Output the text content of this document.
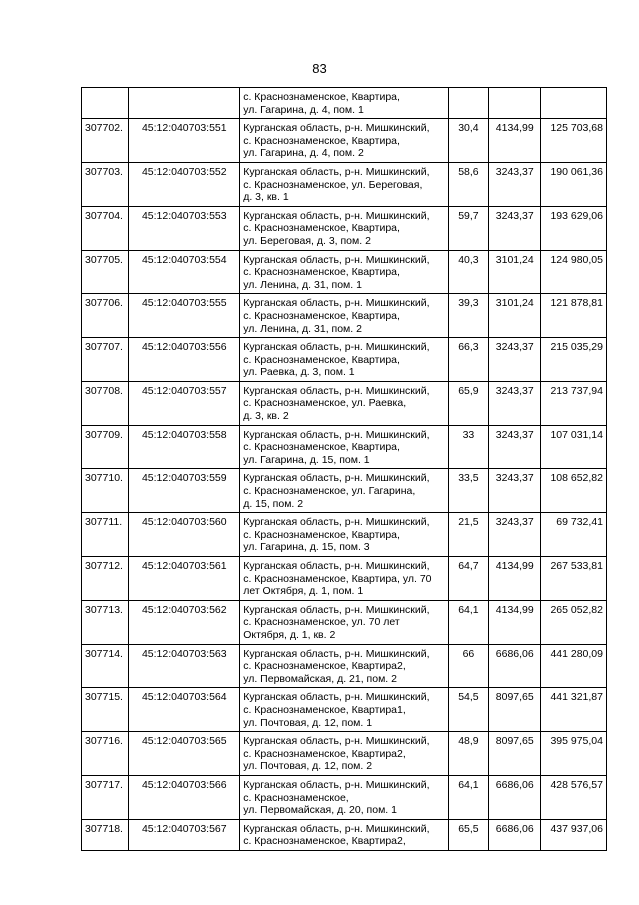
83
		с. Краснознаменское, Квартира,
ул. Гагарина, д. 4, пом. 1			
307702.	45:12:040703:551	Курганская область, р-н. Мишкинский,
с. Краснознаменское, Квартира,
ул. Гагарина, д. 4, пом. 2	30,4	4134,99	125 703,68
307703.	45:12:040703:552	Курганская область, р-н. Мишкинский,
с. Краснознаменское, ул. Береговая,
д. 3, кв. 1	58,6	3243,37	190 061,36
307704.	45:12:040703:553	Курганская область, р-н. Мишкинский,
с. Краснознаменское, Квартира,
ул. Береговая, д. 3, пом. 2	59,7	3243,37	193 629,06
307705.	45:12:040703:554	Курганская область, р-н. Мишкинский,
с. Краснознаменское, Квартира,
ул. Ленина, д. 31, пом. 1	40,3	3101,24	124 980,05
307706.	45:12:040703:555	Курганская область, р-н. Мишкинский,
с. Краснознаменское, Квартира,
ул. Ленина, д. 31, пом. 2	39,3	3101,24	121 878,81
307707.	45:12:040703:556	Курганская область, р-н. Мишкинский,
с. Краснознаменское, Квартира,
ул. Раевка, д. 3, пом. 1	66,3	3243,37	215 035,29
307708.	45:12:040703:557	Курганская область, р-н. Мишкинский,
с. Краснознаменское, ул. Раевка,
д. 3, кв. 2	65,9	3243,37	213 737,94
307709.	45:12:040703:558	Курганская область, р-н. Мишкинский,
с. Краснознаменское, Квартира,
ул. Гагарина, д. 15, пом. 1	33	3243,37	107 031,14
307710.	45:12:040703:559	Курганская область, р-н. Мишкинский,
с. Краснознаменское, ул. Гагарина,
д. 15, пом. 2	33,5	3243,37	108 652,82
307711.	45:12:040703:560	Курганская область, р-н. Мишкинский,
с. Краснознаменское, Квартира,
ул. Гагарина, д. 15, пом. 3	21,5	3243,37	69 732,41
307712.	45:12:040703:561	Курганская область, р-н. Мишкинский,
с. Краснознаменское, Квартира, ул. 70
лет Октября, д. 1, пом. 1	64,7	4134,99	267 533,81
307713.	45:12:040703:562	Курганская область, р-н. Мишкинский,
с. Краснознаменское, ул. 70 лет
Октября, д. 1, кв. 2	64,1	4134,99	265 052,82
307714.	45:12:040703:563	Курганская область, р-н. Мишкинский,
с. Краснознаменское, Квартира2,
ул. Первомайская, д. 21, пом. 2	66	6686,06	441 280,09
307715.	45:12:040703:564	Курганская область, р-н. Мишкинский,
с. Краснознаменское, Квартира1,
ул. Почтовая, д. 12, пом. 1	54,5	8097,65	441 321,87
307716.	45:12:040703:565	Курганская область, р-н. Мишкинский,
с. Краснознаменское, Квартира2,
ул. Почтовая, д. 12, пом. 2	48,9	8097,65	395 975,04
307717.	45:12:040703:566	Курганская область, р-н. Мишкинский,
с. Краснознаменское,
ул. Первомайская, д. 20, пом. 1	64,1	6686,06	428 576,57
307718.	45:12:040703:567	Курганская область, р-н. Мишкинский,
с. Краснознаменское, Квартира2,	65,5	6686,06	437 937,06
